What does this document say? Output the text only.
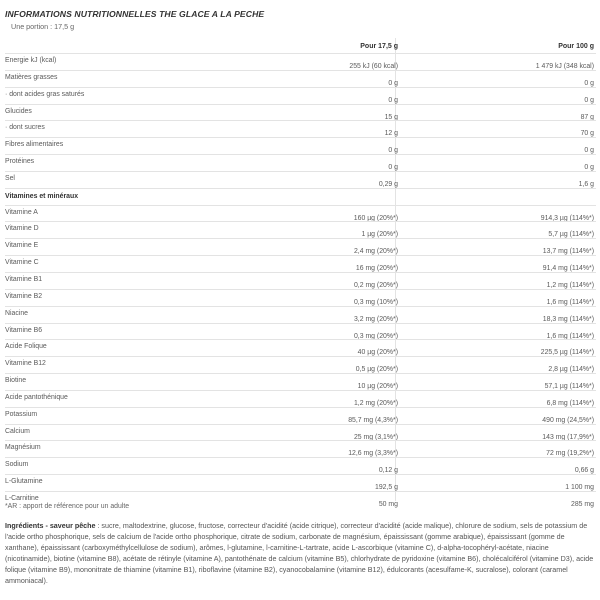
INFORMATIONS NUTRITIONNELLES THE GLACE A LA PECHE
Une portion : 17,5 g
Pour 17,5 g	Pour 100 g
Energie kJ (kcal)
255 kJ (60 kcal)	1 479 kJ (348 kcal)
Matières grasses
0 g	0 g
· dont acides gras saturés
0 g	0 g
Glucides
15 g	87 g
· dont sucres
12 g	70 g
Fibres alimentaires
0 g	0 g
Protéines
0 g	0 g
Sel
0,29 g	1,6 g
Vitamines et minéraux
Vitamine A
160 µg (20%*)	914,3 µg (114%*)
Vitamine D
1 µg (20%*)	5,7 µg (114%*)
Vitamine E
2,4 mg (20%*)	13,7 mg (114%*)
Vitamine C
16 mg (20%*)	91,4 mg (114%*)
Vitamine B1
0,2 mg (20%*)	1,2 mg (114%*)
Vitamine B2
0,3 mg (10%*)	1,6 mg (114%*)
Niacine
3,2 mg (20%*)	18,3 mg (114%*)
Vitamine B6
0,3 mg (20%*)	1,6 mg (114%*)
Acide Folique
40 µg (20%*)	225,5 µg (114%*)
Vitamine B12
0,5 µg (20%*)	2,8 µg (114%*)
Biotine
10 µg (20%*)	57,1 µg (114%*)
Acide pantothénique
1,2 mg (20%*)	6,8 mg (114%*)
Potassium
85,7 mg (4,3%*)	490 mg (24,5%*)
Calcium
25 mg (3,1%*)	143 mg (17,9%*)
Magnésium
12,6 mg (3,3%*)	72 mg (19,2%*)
Sodium
0,12 g	0,66 g
L-Glutamine
192,5 g	1 100 mg
L-Carnitine
50 mg	285 mg
*AR : apport de référence pour un adulte
Ingrédients - saveur pêche : sucre, maltodextrine, glucose, fructose, correcteur d'acidité (acide citrique), correcteur d'acidité (acide malique), chlorure de sodium, sels de potassium de l'acide ortho phosphorique, sels de calcium de l'acide ortho phosphorique, citrate de sodium, carbonate de magnésium, épaississant (gomme arabique), épaississant (gomme de xanthane), épaississant (carboxyméthylcellulose de sodium), arômes, l-glutamine, l-carnitine-L-tartrate, acide L-ascorbique (vitamine C), d-alpha-tocophéryl-acétate, niacine (nicotinamide), biotine (vitamine B8), acétate de rétinyle (vitamine A), pantothénate de calcium (vitamine B5), chlorhydrate de pyridoxine (vitamine B6), cholécalciférol (vitamine D3), acide folique (vitamine B9), mononitrate de thiamine (vitamine B1), riboflavine (vitamine B2), cyanocobalamine (vitamine B12), édulcorants (acesulfame-K, sucralose), colorant (caramel ammoniacal).
